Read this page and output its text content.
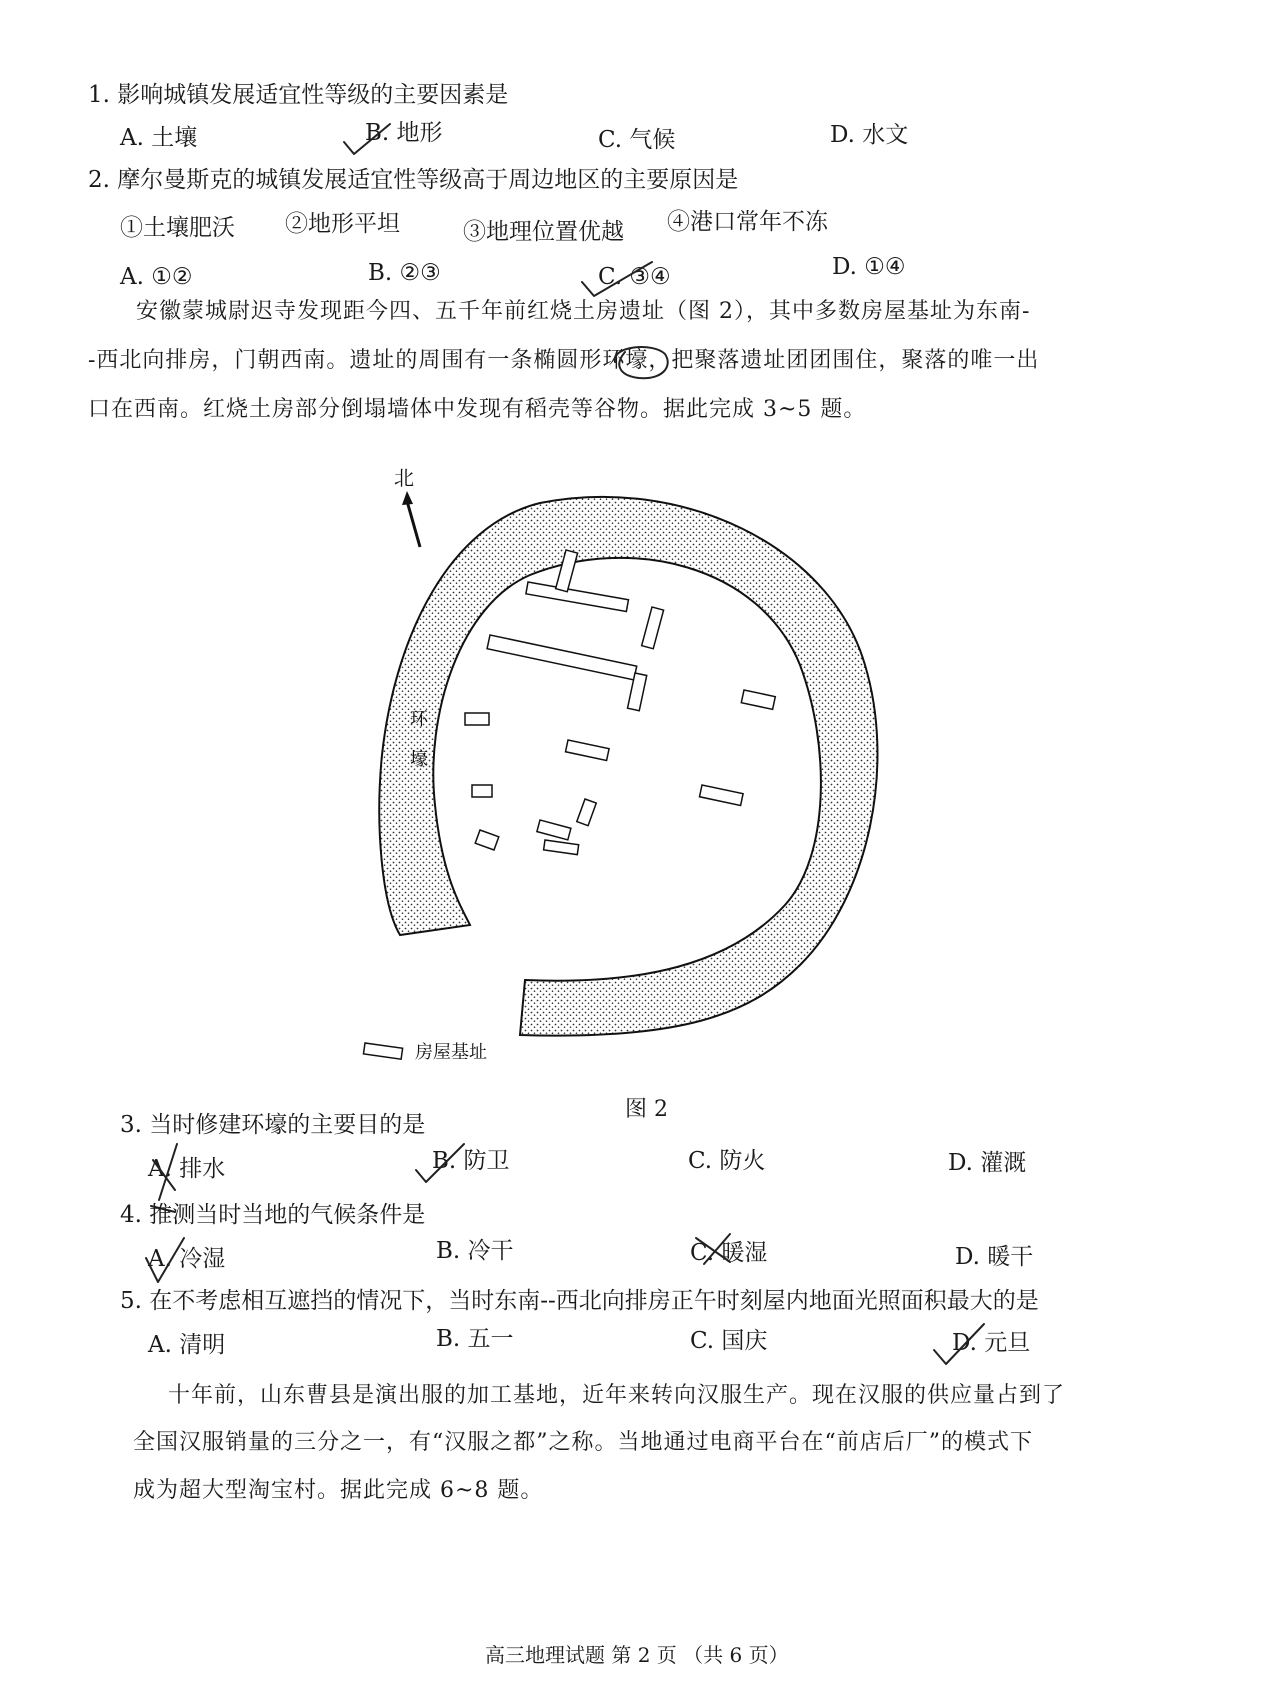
1. 影响城镇发展适宜性等级的主要因素是
A. 土壤	B. 地形	C. 气候	D. 水文
2. 摩尔曼斯克的城镇发展适宜性等级高于周边地区的主要原因是
①土壤肥沃 ②地形平坦	③地理位置优越 ④港口常年不冻
A. ①②	B. ②③	C. ③④	D. ①④
安徽蒙城尉迟寺发现距今四、五千年前红烧土房遗址（图 2），其中多数房屋基址为东南-
-西北向排房，门朝西南。遗址的周围有一条椭圆形环壕，把聚落遗址团团围住，聚落的唯一出
口在西南。红烧土房部分倒塌墙体中发现有稻壳等谷物。据此完成 3~5 题。
北
环
壕
房屋基址
图 2
3. 当时修建环壕的主要目的是
A. 排水	B. 防卫	C. 防火	D. 灌溉
4. 推测当时当地的气候条件是
A. 冷湿	B. 冷干	C. 暖湿	D. 暖干
5. 在不考虑相互遮挡的情况下，当时东南--西北向排房正午时刻屋内地面光照面积最大的是
A. 清明	B. 五一	C. 国庆	D. 元旦
十年前，山东曹县是演出服的加工基地，近年来转向汉服生产。现在汉服的供应量占到了
全国汉服销量的三分之一，有“汉服之都”之称。当地通过电商平台在“前店后厂”的模式下
成为超大型淘宝村。据此完成 6~8 题。
高三地理试题 第 2 页 （共 6 页）
